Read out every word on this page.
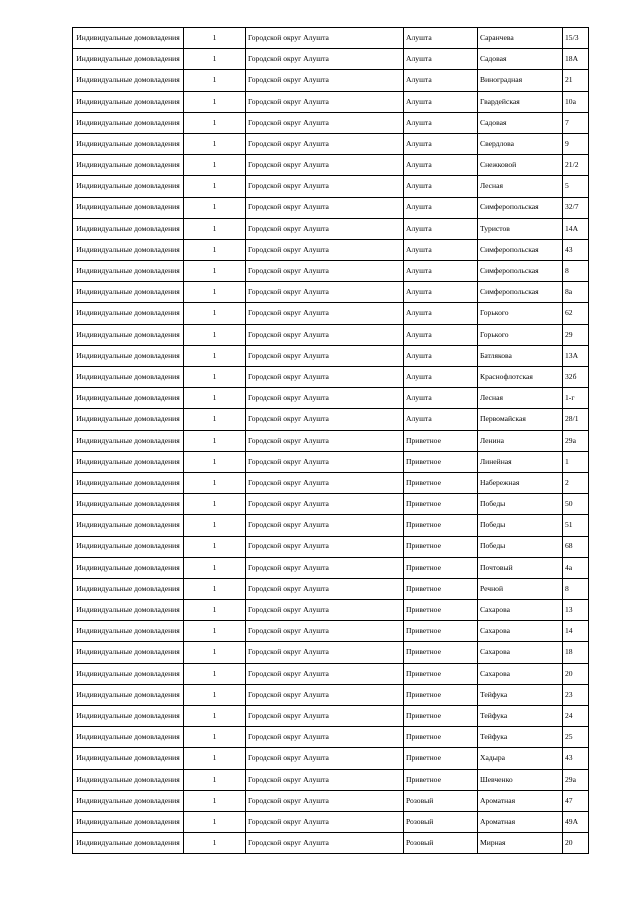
Индивидуальные домовладения	1	Городской округ Алушта	Алушта	Саранчева	15/3
Индивидуальные домовладения	1	Городской округ Алушта	Алушта	Садовая	18А
Индивидуальные домовладения	1	Городской округ Алушта	Алушта	Виноградная	21
Индивидуальные домовладения	1	Городской округ Алушта	Алушта	Гвардейская	10а
Индивидуальные домовладения	1	Городской округ Алушта	Алушта	Садовая	7
Индивидуальные домовладения	1	Городской округ Алушта	Алушта	Свердлова	9
Индивидуальные домовладения	1	Городской округ Алушта	Алушта	Снежковой	21/2
Индивидуальные домовладения	1	Городской округ Алушта	Алушта	Лесная	5
Индивидуальные домовладения	1	Городской округ Алушта	Алушта	Симферопольская	32/7
Индивидуальные домовладения	1	Городской округ Алушта	Алушта	Туристов	14А
Индивидуальные домовладения	1	Городской округ Алушта	Алушта	Симферопольская	43
Индивидуальные домовладения	1	Городской округ Алушта	Алушта	Симферопольская	8
Индивидуальные домовладения	1	Городской округ Алушта	Алушта	Симферопольская	8а
Индивидуальные домовладения	1	Городской округ Алушта	Алушта	Горького	62
Индивидуальные домовладения	1	Городской округ Алушта	Алушта	Горького	29
Индивидуальные домовладения	1	Городской округ Алушта	Алушта	Батлякова	13А
Индивидуальные домовладения	1	Городской округ Алушта	Алушта	Краснофлотская	32б
Индивидуальные домовладения	1	Городской округ Алушта	Алушта	Лесная	1-г
Индивидуальные домовладения	1	Городской округ Алушта	Алушта	Первомайская	28/1
Индивидуальные домовладения	1	Городской округ Алушта	Привeтное	Ленина	29а
Индивидуальные домовладения	1	Городской округ Алушта	Привeтное	Линейная	1
Индивидуальные домовладения	1	Городской округ Алушта	Привeтное	Набережная	2
Индивидуальные домовладения	1	Городской округ Алушта	Привeтное	Победы	50
Индивидуальные домовладения	1	Городской округ Алушта	Привeтное	Победы	51
Индивидуальные домовладения	1	Городской округ Алушта	Привeтное	Победы	68
Индивидуальные домовладения	1	Городской округ Алушта	Привeтное	Почтовый	4а
Индивидуальные домовладения	1	Городской округ Алушта	Привeтное	Речной	8
Индивидуальные домовладения	1	Городской округ Алушта	Привeтное	Сахарова	13
Индивидуальные домовладения	1	Городской округ Алушта	Привeтное	Сахарова	14
Индивидуальные домовладения	1	Городской округ Алушта	Привeтное	Сахарова	18
Индивидуальные домовладения	1	Городской округ Алушта	Привeтное	Сахарова	20
Индивидуальные домовладения	1	Городской округ Алушта	Привeтное	Тейфука	23
Индивидуальные домовладения	1	Городской округ Алушта	Привeтное	Тейфука	24
Индивидуальные домовладения	1	Городской округ Алушта	Привeтное	Тейфука	25
Индивидуальные домовладения	1	Городской округ Алушта	Привeтное	Хадыра	43
Индивидуальные домовладения	1	Городской округ Алушта	Привeтное	Шевченко	29а
Индивидуальные домовладения	1	Городской округ Алушта	Розовый	Ароматная	47
Индивидуальные домовладения	1	Городской округ Алушта	Розовый	Ароматная	49А
Индивидуальные домовладения	1	Городской округ Алушта	Розовый	Мирная	20
